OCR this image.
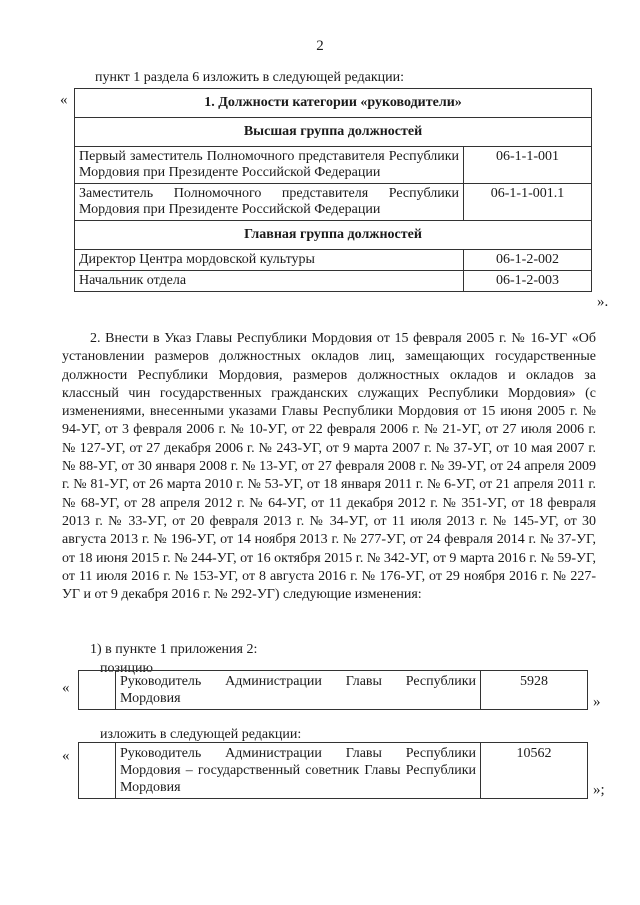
2
пункт 1 раздела 6 изложить в следующей редакции:
«	1. Должности категории «руководители»	
Высшая группа должностей	
Первый заместитель Полномочного представителя Республики Мордовия при Президенте Российской Федерации	06-1-1-001
Заместитель Полномочного представителя Республики Мордовия при Президенте Российской Федерации	06-1-1-001.1
Главная группа должностей	
Директор Центра мордовской культуры	06-1-2-002
Начальник отдела	06-1-2-003
».

2. Внести в Указ Главы Республики Мордовия от 15 февраля 2005 г. № 16-УГ «Об установлении размеров должностных окладов лиц, замещающих государственные должности Республики Мордовия, размеров должностных окладов и окладов за классный чин государственных гражданских служащих Республики Мордовия» (с изменениями, внесенными указами Главы Республики Мордовия от 15 июня 2005 г. № 94-УГ, от 3 февраля 2006 г. № 10-УГ, от 22 февраля 2006 г. № 21-УГ, от 27 июля 2006 г. № 127-УГ, от 27 декабря 2006 г. № 243-УГ, от 9 марта 2007 г. № 37-УГ, от 10 мая 2007 г. № 88-УГ, от 30 января 2008 г. № 13-УГ, от 27 февраля 2008 г. № 39-УГ, от 24 апреля 2009 г. № 81-УГ, от 26 марта 2010 г. № 53-УГ, от 18 января 2011 г. № 6-УГ, от 21 апреля 2011 г. № 68-УГ, от 28 апреля 2012 г. № 64-УГ, от 11 декабря 2012 г. № 351-УГ, от 18 февраля 2013 г. № 33-УГ, от 20 февраля 2013 г. № 34-УГ, от 11 июля 2013 г. № 145-УГ, от 30 августа 2013 г. № 196-УГ, от 14 ноября 2013 г. № 277-УГ, от 24 февраля 2014 г. № 37-УГ, от 18 июня 2015 г. № 244-УГ, от 16 октября 2015 г. № 342-УГ, от 9 марта 2016 г. № 59-УГ, от 11 июля 2016 г. № 153-УГ, от 8 августа 2016 г. № 176-УГ, от 29 ноября 2016 г. № 227-УГ и от 9 декабря 2016 г. № 292-УГ) следующие изменения:

1) в пункте 1 приложения 2:
позицию
«
		Руководитель Администрации Главы Республики Мордовия	5928
»
изложить в следующей редакции:
«
		Руководитель Администрации Главы Республики Мордовия – государственный советник Главы Республики Мордовия	10562
»;
